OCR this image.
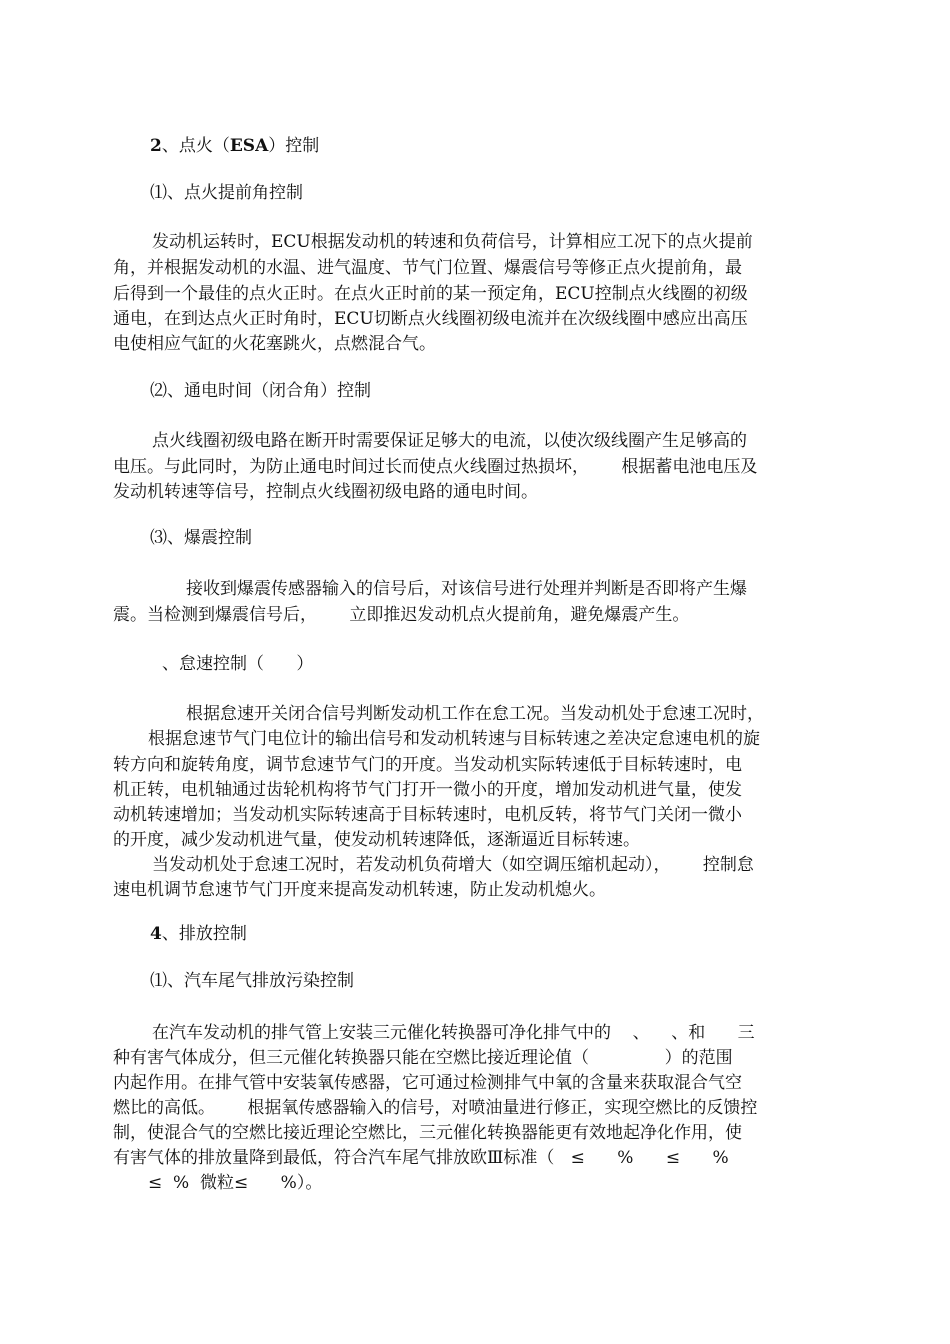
2、点火（ESA）控制
⑴、点火提前角控制
发动机运转时，ECU根据发动机的转速和负荷信号，计算相应工况下的点火提前
角，并根据发动机的水温、进气温度、节气门位置、爆震信号等修正点火提前角，最
后得到一个最佳的点火正时。在点火正时前的某一预定角，ECU控制点火线圈的初级
通电，在到达点火正时角时，ECU切断点火线圈初级电流并在次级线圈中感应出高压
电使相应气缸的火花塞跳火，点燃混合气。
⑵、通电时间（闭合角）控制
点火线圈初级电路在断开时需要保证足够大的电流，以使次级线圈产生足够高的
电压。与此同时，为防止通电时间过长而使点火线圈过热损坏，      根据蓄电池电压及
发动机转速等信号，控制点火线圈初级电路的通电时间。
⑶、爆震控制
接收到爆震传感器输入的信号后，对该信号进行处理并判断是否即将产生爆
震。当检测到爆震信号后，      立即推迟发动机点火提前角，避免爆震产生。
、怠速控制（      ）
根据怠速开关闭合信号判断发动机工作在怠工况。当发动机处于怠速工况时，
根据怠速节气门电位计的输出信号和发动机转速与目标转速之差决定怠速电机的旋
转方向和旋转角度，调节怠速节气门的开度。当发动机实际转速低于目标转速时，电
机正转，电机轴通过齿轮机构将节气门打开一微小的开度，增加发动机进气量，使发
动机转速增加；当发动机实际转速高于目标转速时，电机反转，将节气门关闭一微小
的开度，减少发动机进气量，使发动机转速降低，逐渐逼近目标转速。
当发动机处于怠速工况时，若发动机负荷增大（如空调压缩机起动），      控制怠
速电机调节怠速节气门开度来提高发动机转速，防止发动机熄火。
4、排放控制
⑴、汽车尾气排放污染控制
在汽车发动机的排气管上安装三元催化转换器可净化排气中的    、    、和      三
种有害气体成分，但三元催化转换器只能在空燃比接近理论值（              ）的范围
内起作用。在排气管中安装氧传感器，它可通过检测排气中氧的含量来获取混合气空
燃比的高低。      根据氧传感器输入的信号，对喷油量进行修正，实现空燃比的反馈控
制，使混合气的空燃比接近理论空燃比，三元催化转换器能更有效地起净化作用，使
有害气体的排放量降到最低，符合汽车尾气排放欧Ⅲ标准（   ≤      %      ≤      %
≤  %  微粒≤      %）。
